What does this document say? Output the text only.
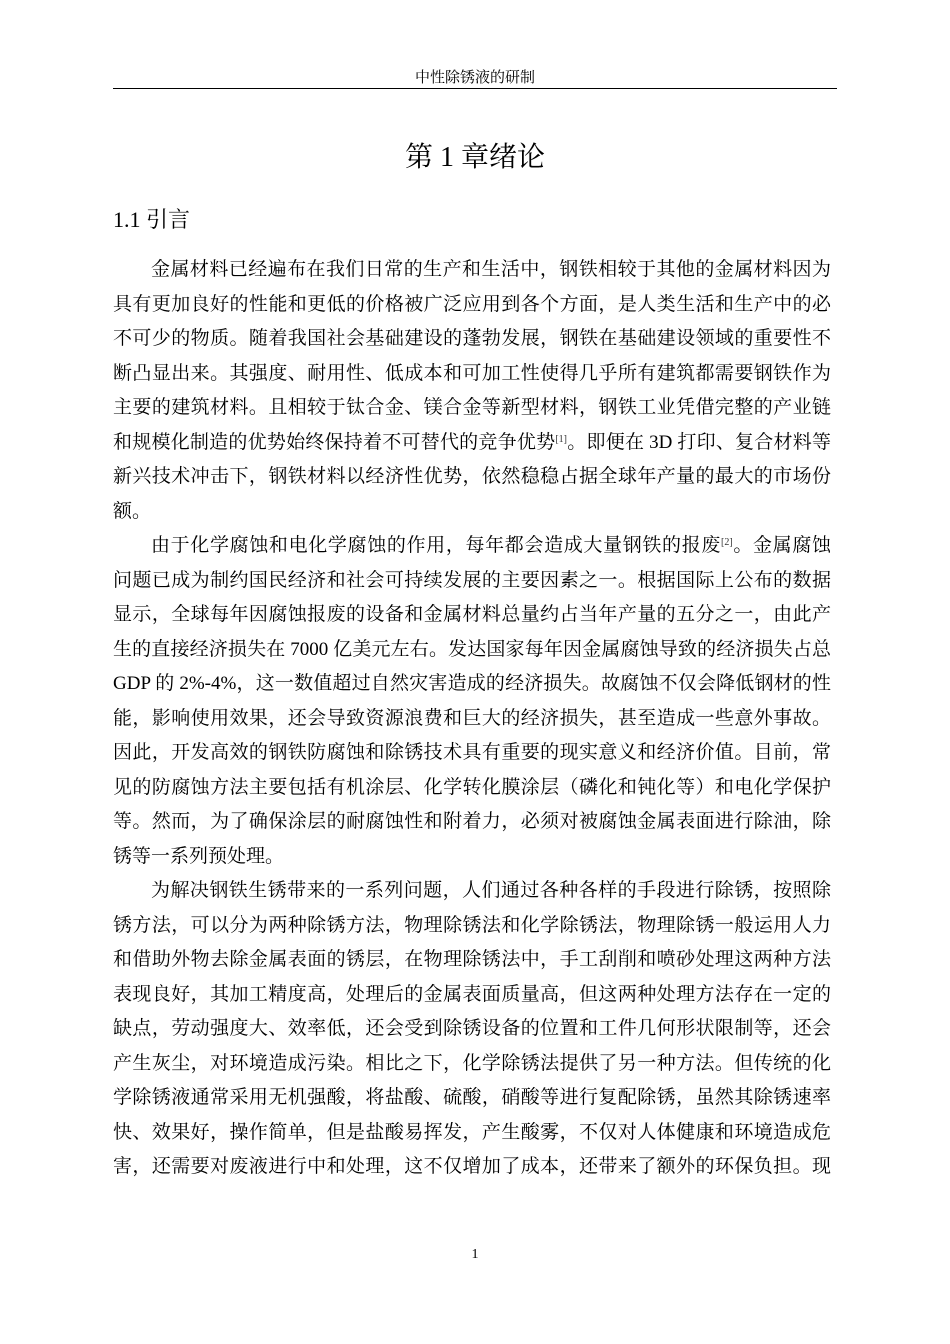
中性除锈液的研制
第 1 章绪论
1.1 引言
金属材料已经遍布在我们日常的生产和生活中，钢铁相较于其他的金属材料因为
具有更加良好的性能和更低的价格被广泛应用到各个方面，是人类生活和生产中的必
不可少的物质。随着我国社会基础建设的蓬勃发展，钢铁在基础建设领域的重要性不
断凸显出来。其强度、耐用性、低成本和可加工性使得几乎所有建筑都需要钢铁作为
主要的建筑材料。且相较于钛合金、镁合金等新型材料，钢铁工业凭借完整的产业链
和规模化制造的优势始终保持着不可替代的竞争优势[1]。即便在 3D 打印、复合材料等
新兴技术冲击下，钢铁材料以经济性优势，依然稳稳占据全球年产量的最大的市场份
额。
由于化学腐蚀和电化学腐蚀的作用，每年都会造成大量钢铁的报废[2]。金属腐蚀
问题已成为制约国民经济和社会可持续发展的主要因素之一。根据国际上公布的数据
显示，全球每年因腐蚀报废的设备和金属材料总量约占当年产量的五分之一，由此产
生的直接经济损失在 7000 亿美元左右。发达国家每年因金属腐蚀导致的经济损失占总
GDP 的 2%-4%，这一数值超过自然灾害造成的经济损失。故腐蚀不仅会降低钢材的性
能，影响使用效果，还会导致资源浪费和巨大的经济损失，甚至造成一些意外事故。
因此，开发高效的钢铁防腐蚀和除锈技术具有重要的现实意义和经济价值。目前，常
见的防腐蚀方法主要包括有机涂层、化学转化膜涂层（磷化和钝化等）和电化学保护
等。然而，为了确保涂层的耐腐蚀性和附着力，必须对被腐蚀金属表面进行除油，除
锈等一系列预处理。
为解决钢铁生锈带来的一系列问题，人们通过各种各样的手段进行除锈，按照除
锈方法，可以分为两种除锈方法，物理除锈法和化学除锈法，物理除锈一般运用人力
和借助外物去除金属表面的锈层，在物理除锈法中，手工刮削和喷砂处理这两种方法
表现良好，其加工精度高，处理后的金属表面质量高，但这两种处理方法存在一定的
缺点，劳动强度大、效率低，还会受到除锈设备的位置和工件几何形状限制等，还会
产生灰尘，对环境造成污染。相比之下，化学除锈法提供了另一种方法。但传统的化
学除锈液通常采用无机强酸，将盐酸、硫酸，硝酸等进行复配除锈，虽然其除锈速率
快、效果好，操作简单，但是盐酸易挥发，产生酸雾，不仅对人体健康和环境造成危
害，还需要对废液进行中和处理，这不仅增加了成本，还带来了额外的环保负担。现
1
